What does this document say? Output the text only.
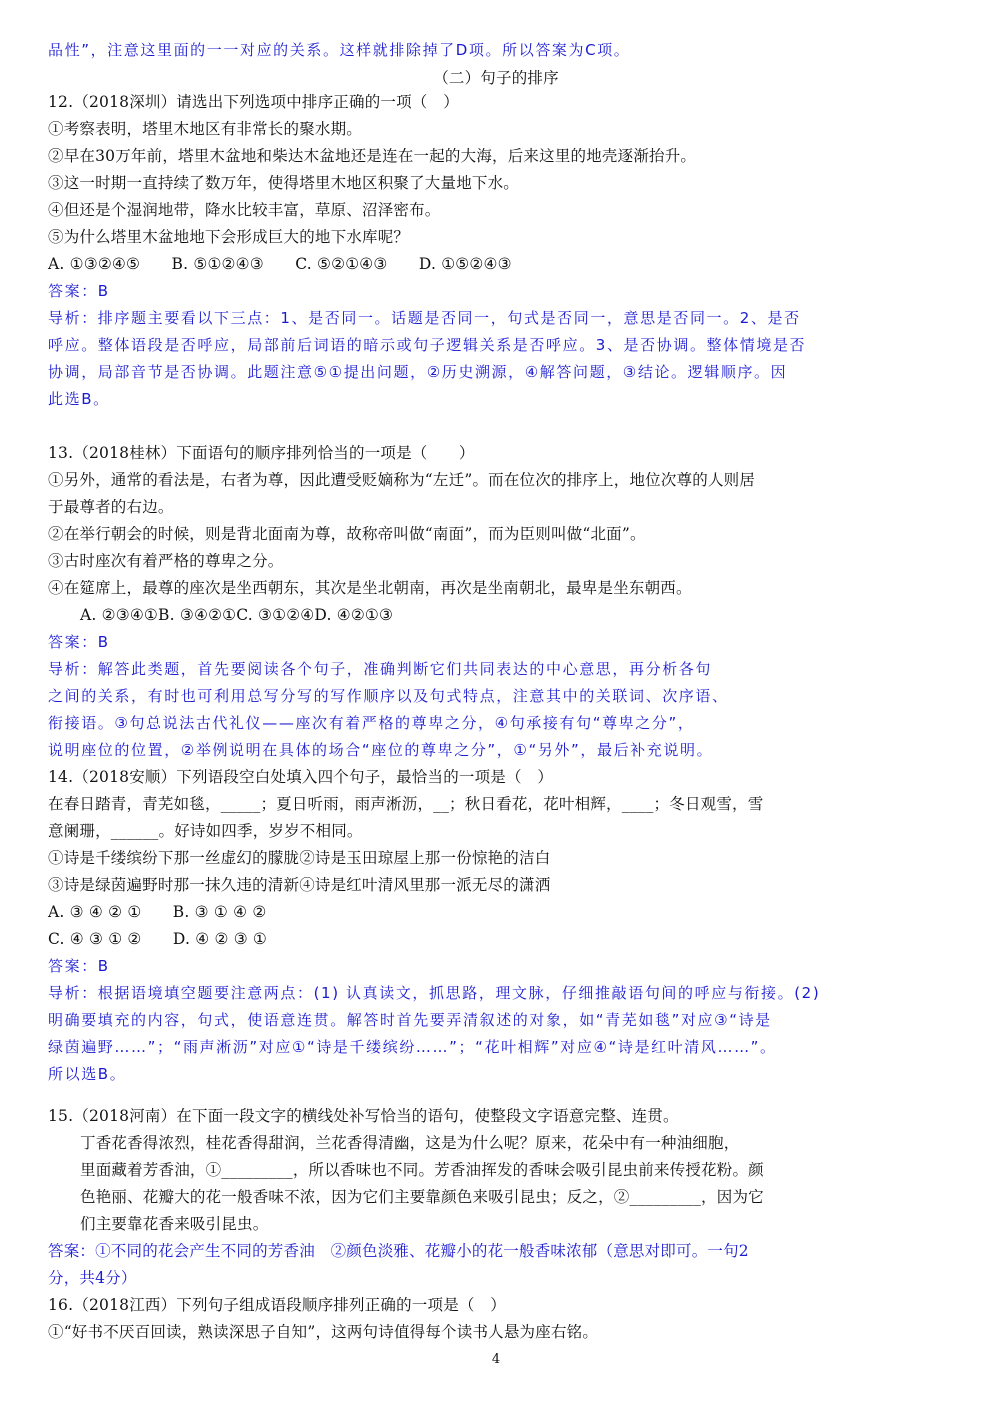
品性”，注意这里面的一一对应的关系。这样就排除掉了D项。所以答案为C项。
（二）句子的排序
12.（2018深圳）请选出下列选项中排序正确的一项（　）
①考察表明，塔里木地区有非常长的聚水期。
②早在30万年前，塔里木盆地和柴达木盆地还是连在一起的大海，后来这里的地壳逐渐抬升。
③这一时期一直持续了数万年，使得塔里木地区积聚了大量地下水。
④但还是个湿润地带，降水比较丰富，草原、沼泽密布。
⑤为什么塔里木盆地地下会形成巨大的地下水库呢？
A. ①③②④⑤　　B. ⑤①②④③　　C. ⑤②①④③　　D. ①⑤②④③
答案：B
导析：排序题主要看以下三点：1、是否同一。话题是否同一，句式是否同一，意思是否同一。2、是否
呼应。整体语段是否呼应，局部前后词语的暗示或句子逻辑关系是否呼应。3、是否协调。整体情境是否
协调，局部音节是否协调。此题注意⑤①提出问题，②历史溯源，④解答问题，③结论。逻辑顺序。因
此选B。
13.（2018桂林）下面语句的顺序排列恰当的一项是（　　）
①另外，通常的看法是，右者为尊，因此遭受贬嫡称为“左迁”。而在位次的排序上，地位次尊的人则居
于最尊者的右边。
②在举行朝会的时候，则是背北面南为尊，故称帝叫做“南面”，而为臣则叫做“北面”。
③古时座次有着严格的尊卑之分。
④在筵席上，最尊的座次是坐西朝东，其次是坐北朝南，再次是坐南朝北，最卑是坐东朝西。
A. ②③④①B. ③④②①C. ③①②④D. ④②①③
答案：B
导析：解答此类题，首先要阅读各个句子，准确判断它们共同表达的中心意思，再分析各句
之间的关系，有时也可利用总写分写的写作顺序以及句式特点，注意其中的关联词、次序语、
衔接语。③句总说法古代礼仪——座次有着严格的尊卑之分，④句承接有句“尊卑之分”，
说明座位的位置，②举例说明在具体的场合“座位的尊卑之分”，①“另外”，最后补充说明。
14.（2018安顺）下列语段空白处填入四个句子，最恰当的一项是（　）
在春日踏青，青芜如毯，_____；夏日听雨，雨声淅沥，__；秋日看花，花叶相辉，____；冬日观雪，雪
意阑珊，______。好诗如四季，岁岁不相同。
①诗是千缕缤纷下那一丝虚幻的朦胧②诗是玉田琼屋上那一份惊艳的洁白
③诗是绿茵遍野时那一抹久违的清新④诗是红叶清风里那一派无尽的潇洒
A. ③ ④ ② ①　　B. ③ ① ④ ②
C. ④ ③ ① ②　　D. ④ ② ③ ①
答案：B
导析：根据语境填空题要注意两点：(1) 认真读文，抓思路，理文脉，仔细推敲语句间的呼应与衔接。(2)
明确要填充的内容，句式，使语意连贯。解答时首先要弄清叙述的对象，如“青芜如毯”对应③“诗是
绿茵遍野……”；“雨声淅沥”对应①“诗是千缕缤纷……”；“花叶相辉”对应④“诗是红叶清风……”。
所以选B。
15.（2018河南）在下面一段文字的横线处补写恰当的语句，使整段文字语意完整、连贯。
丁香花香得浓烈，桂花香得甜润，兰花香得清幽，这是为什么呢？原来，花朵中有一种油细胞，
里面藏着芳香油，①_________，所以香味也不同。芳香油挥发的香味会吸引昆虫前来传授花粉。颜
色艳丽、花瓣大的花一般香味不浓，因为它们主要靠颜色来吸引昆虫；反之，②_________，因为它
们主要靠花香来吸引昆虫。
答案：①不同的花会产生不同的芳香油　②颜色淡雅、花瓣小的花一般香味浓郁（意思对即可。一句2
分，共4分）
16.（2018江西）下列句子组成语段顺序排列正确的一项是（　）
①“好书不厌百回读，熟读深思子自知”，这两句诗值得每个读书人悬为座右铭。
4
